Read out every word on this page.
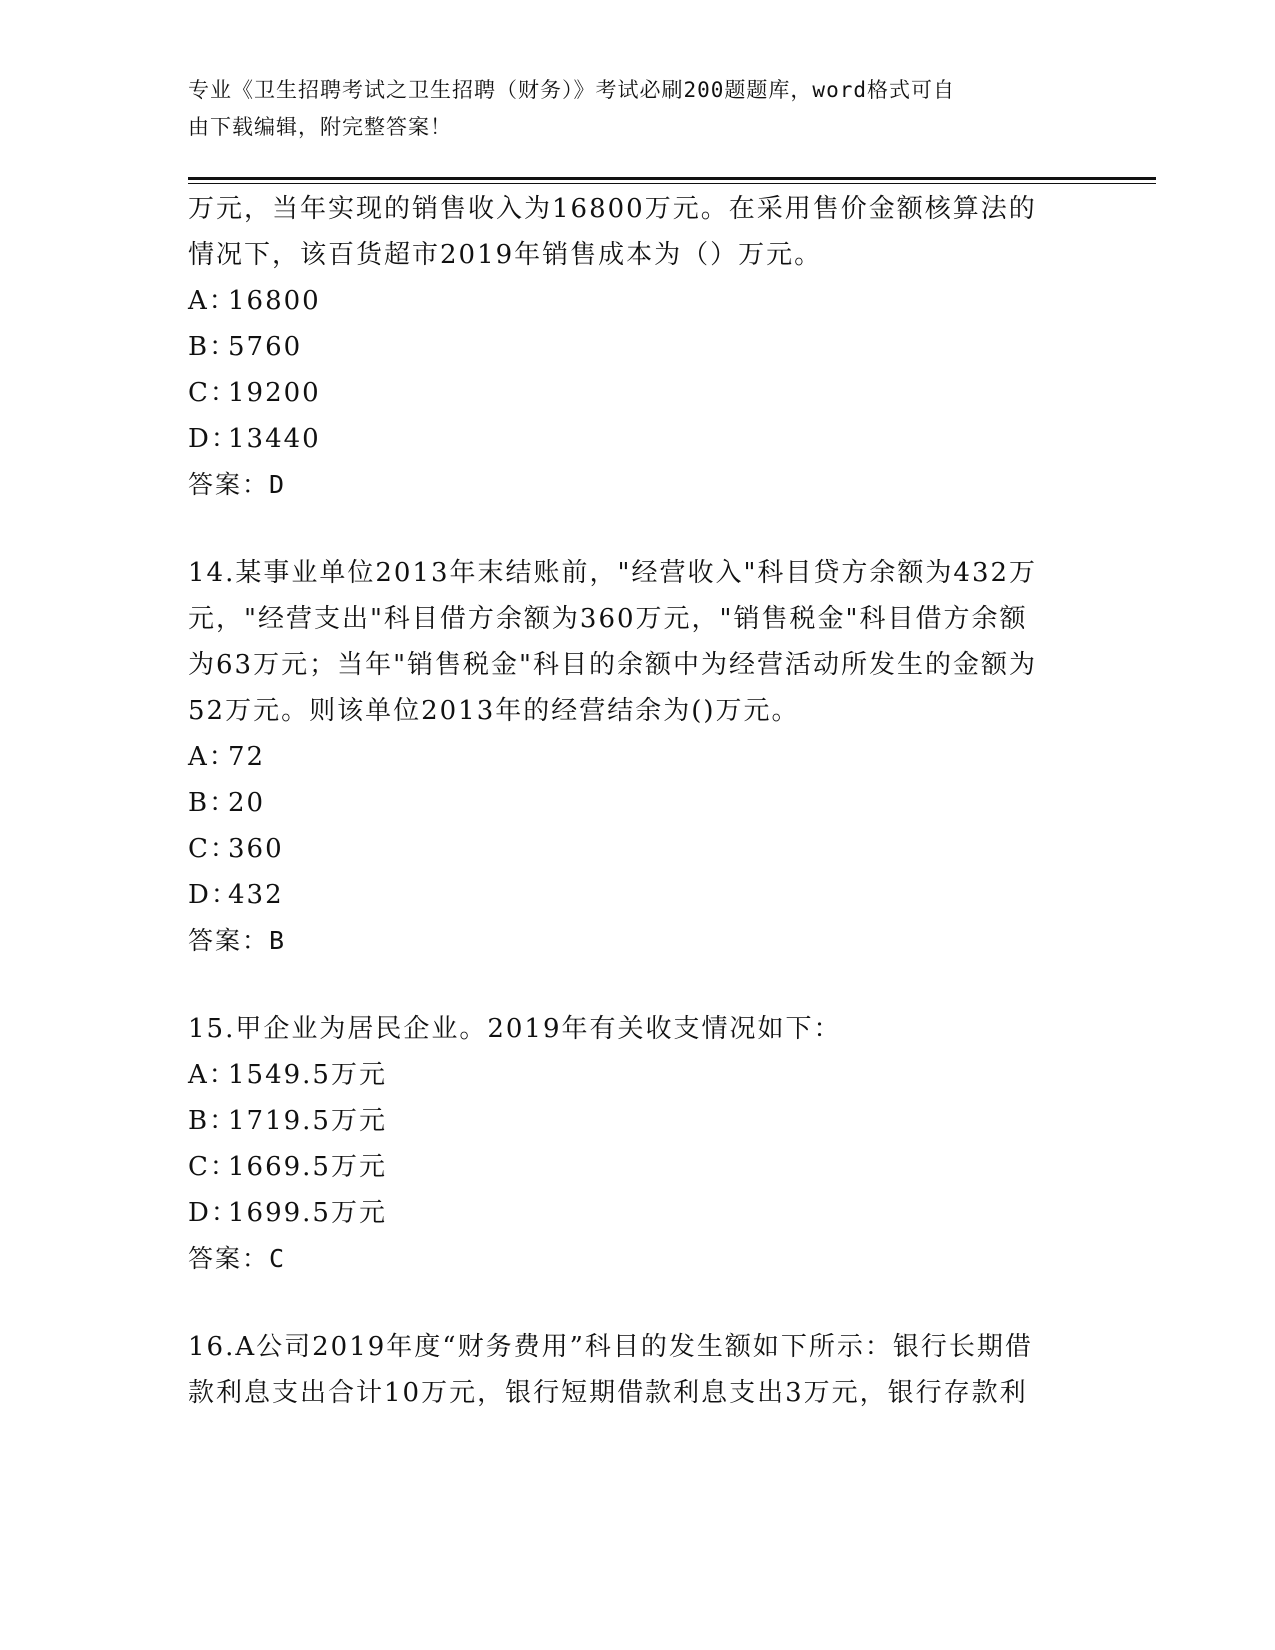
专业《卫生招聘考试之卫生招聘（财务）》考试必刷200题题库，word格式可自
由下载编辑，附完整答案！
万元，当年实现的销售收入为16800万元。在采用售价金额核算法的
情况下，该百货超市2019年销售成本为（）万元。
A：16800
B：5760
C：19200
D：13440
答案：D
14.某事业单位2013年末结账前，"经营收入"科目贷方余额为432万
元，"经营支出"科目借方余额为360万元，"销售税金"科目借方余额
为63万元；当年"销售税金"科目的余额中为经营活动所发生的金额为
52万元。则该单位2013年的经营结余为()万元。
A：72
B：20
C：360
D：432
答案：B
15.甲企业为居民企业。2019年有关收支情况如下：
A：1549.5万元
B：1719.5万元
C：1669.5万元
D：1699.5万元
答案：C
16.A公司2019年度“财务费用”科目的发生额如下所示：银行长期借
款利息支出合计10万元，银行短期借款利息支出3万元，银行存款利
